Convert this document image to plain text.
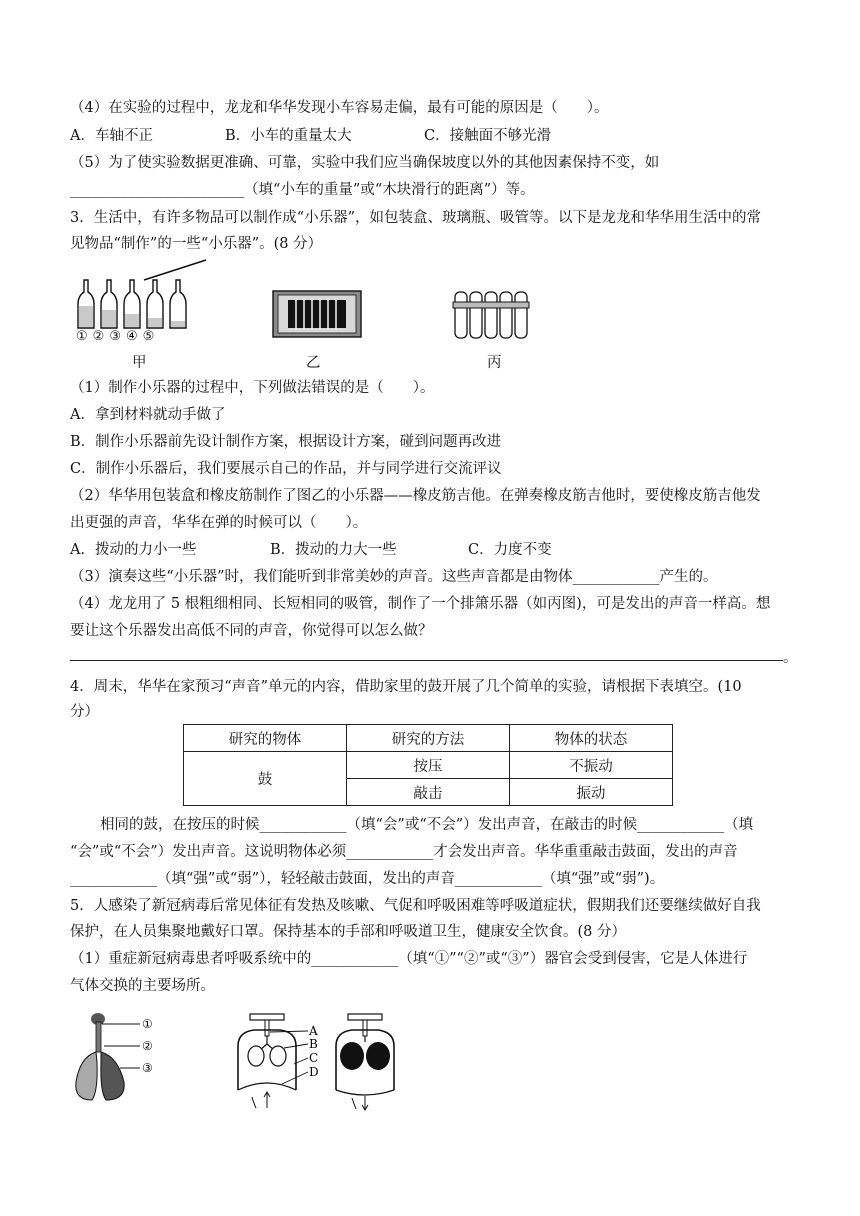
（4）在实验的过程中，龙龙和华华发现小车容易走偏，最有可能的原因是（　　）。
A．车轴不正	B．小车的重量太大	C．接触面不够光滑
（5）为了使实验数据更准确、可靠，实验中我们应当确保坡度以外的其他因素保持不变，如
________________________（填“小车的重量”或“木块滑行的距离”）等。
3．生活中，有许多物品可以制作成“小乐器”，如包装盒、玻璃瓶、吸管等。以下是龙龙和华华用生活中的常
见物品“制作”的一些“小乐器”。(8 分）
①②③④⑤
甲	乙	丙
（1）制作小乐器的过程中，下列做法错误的是（　　）。
A．拿到材料就动手做了
B．制作小乐器前先设计制作方案，根据设计方案，碰到问题再改进
C．制作小乐器后，我们要展示自己的作品，并与同学进行交流评议
（2）华华用包装盒和橡皮筋制作了图乙的小乐器——橡皮筋吉他。在弹奏橡皮筋吉他时，要使橡皮筋吉他发
出更强的声音，华华在弹的时候可以（　　）。
A．拨动的力小一些	B．拨动的力大一些	C．力度不变
（3）演奏这些“小乐器”时，我们能听到非常美妙的声音。这些声音都是由物体____________产生的。
（4）龙龙用了 5 根粗细相同、长短相同的吸管，制作了一个排箫乐器（如丙图)，可是发出的声音一样高。想
要让这个乐器发出高低不同的声音，你觉得可以怎么做？
。
4．周末，华华在家预习“声音”单元的内容，借助家里的鼓开展了几个简单的实验，请根据下表填空。(10
分）
研究的物体	研究的方法	物体的状态
鼓	按压	不振动
	敲击	振动
相同的鼓，在按压的时候____________（填“会”或“不会”）发出声音，在敲击的时候____________（填
“会”或“不会”）发出声音。这说明物体必须____________才会发出声音。华华重重敲击鼓面，发出的声音
____________（填“强”或“弱”），轻轻敲击鼓面，发出的声音____________（填“强”或“弱”)。
5．人感染了新冠病毒后常见体征有发热及咳嗽、气促和呼吸困难等呼吸道症状，假期我们还要继续做好自我
保护，在人员集聚地戴好口罩。保持基本的手部和呼吸道卫生，健康安全饮食。(8 分）
（1）重症新冠病毒患者呼吸系统中的____________（填“①”“②”或“③”）器官会受到侵害，它是人体进行
气体交换的主要场所。
①
②
③
A
B
C
D
